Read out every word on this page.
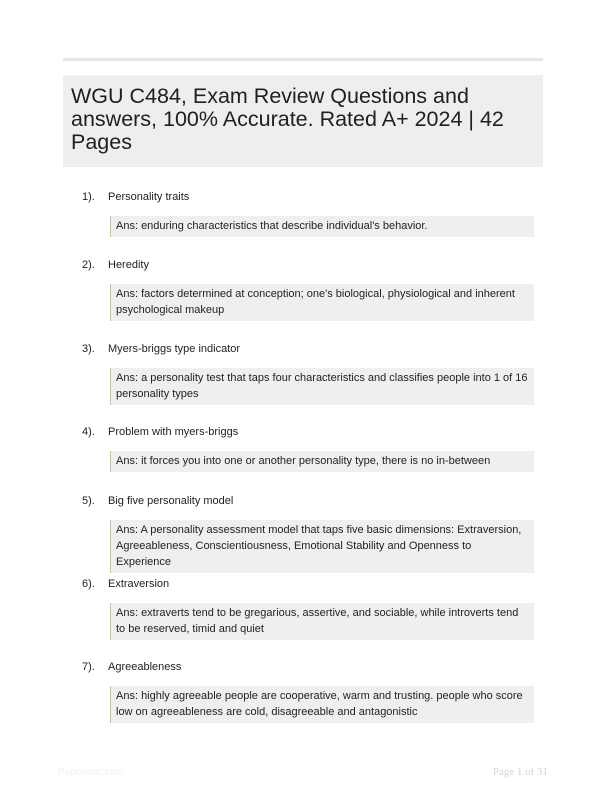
WGU C484, Exam Review Questions and answers, 100% Accurate. Rated A+ 2024 | 42 Pages
1). Personality traits
Ans: enduring characteristics that describe individual's behavior.
2). Heredity
Ans: factors determined at conception; one's biological, physiological and inherent psychological makeup
3). Myers-briggs type indicator
Ans: a personality test that taps four characteristics and classifies people into 1 of 16 personality types
4). Problem with myers-briggs
Ans: it forces you into one or another personality type, there is no in-between
5). Big five personality model
Ans: A personality assessment model that taps five basic dimensions: Extraversion, Agreeableness, Conscientiousness, Emotional Stability and Openness to Experience
6). Extraversion
Ans: extraverts tend to be gregarious, assertive, and sociable, while introverts tend to be reserved, timid and quiet
7). Agreeableness
Ans: highly agreeable people are cooperative, warm and trusting. people who score low on agreeableness are cold, disagreeable and antagonistic
Papertstic.com	Page 1 of 31
